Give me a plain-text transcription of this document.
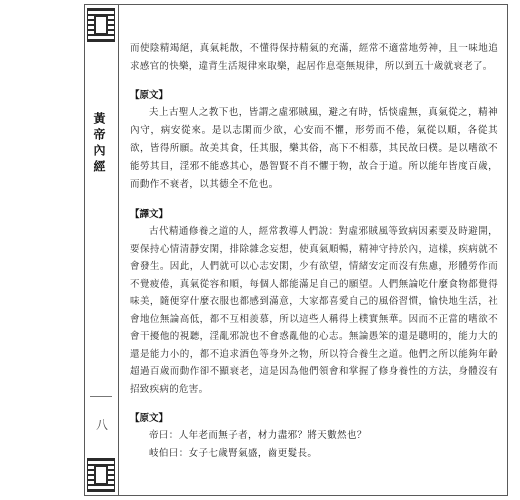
黃帝內經
八

而使陰精竭絕，真氣耗散，不懂得保持精氣的充滿，經常不適當地勞神，且一味地追求感官的快樂，違背生活規律來取樂，起居作息毫無規律，所以到五十歲就衰老了。

【原文】

夫上古聖人之教下也，皆謂之虛邪賊風，避之有時，恬惔虛無，真氣從之，精神內守，病安從來。是以志閑而少欲，心安而不懼，形勞而不倦，氣從以順，各從其欲，皆得所願。故美其食，任其服，樂其俗，高下不相慕，其民故曰樸。是以嗜欲不能勞其目，淫邪不能惑其心，愚智賢不肖不懼于物，故合于道。所以能年皆度百歲，而動作不衰者，以其德全不危也。

【譯文】

古代精通修養之道的人，經常教導人們說：對虛邪賊風等致病因素要及時避開，要保持心情清靜安閑，排除雜念妄想，使真氣順暢，精神守持於內，這樣，疾病就不會發生。因此，人們就可以心志安閑，少有欲望，情緒安定而沒有焦慮，形體勞作而不覺疲倦，真氣從容和順，每個人都能滿足自己的願望。人們無論吃什麼食物都覺得味美，隨便穿什麼衣服也都感到滿意，大家都喜愛自己的風俗習慣，愉快地生活，社會地位無論高低，都不互相羨慕，所以這些人稱得上樸實無華。因而不正當的嗜欲不會干擾他的視聽，淫亂邪說也不會惑亂他的心志。無論愚笨的還是聰明的，能力大的還是能力小的，都不追求酒色等身外之物，所以符合養生之道。他們之所以能夠年齡超過百歲而動作卻不顯衰老，這是因為他們領會和掌握了修身養性的方法，身體沒有招致疾病的危害。

【原文】

帝曰：人年老而無子者，材力盡邪？將天數然也？

岐伯曰：女子七歲腎氣盛，齒更髮長。
